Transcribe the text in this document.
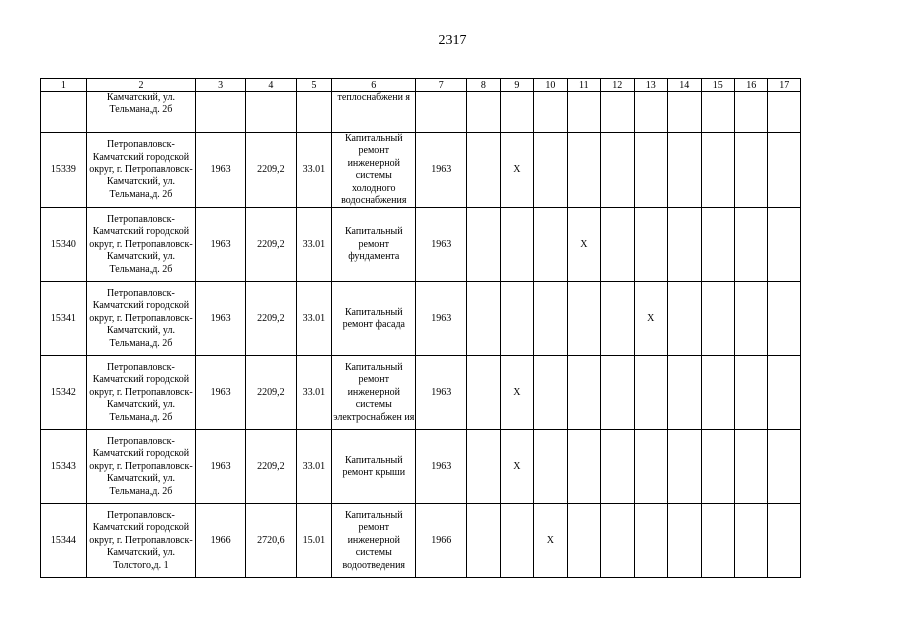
2317
1	2	3	4	5	6	7	8	9	10	11	12	13	14	15	16	17
	Камчатский, ул. Тельмана,д. 2б				теплоснабжени я											
15339	Петропавловск-Камчатский городской округ, г. Петропавловск-Камчатский, ул. Тельмана,д. 2б	1963	2209,2	33.01	Капитальный ремонт инженерной системы холодного водоснабжения	1963		X								
15340	Петропавловск-Камчатский городской округ, г. Петропавловск-Камчатский, ул. Тельмана,д. 2б	1963	2209,2	33.01	Капитальный ремонт фундамента	1963				X						
15341	Петропавловск-Камчатский городской округ, г. Петропавловск-Камчатский, ул. Тельмана,д. 2б	1963	2209,2	33.01	Капитальный ремонт фасада	1963						X				
15342	Петропавловск-Камчатский городской округ, г. Петропавловск-Камчатский, ул. Тельмана,д. 2б	1963	2209,2	33.01	Капитальный ремонт инженерной системы электроснабжен ия	1963		X								
15343	Петропавловск-Камчатский городской округ, г. Петропавловск-Камчатский, ул. Тельмана,д. 2б	1963	2209,2	33.01	Капитальный ремонт крыши	1963		X								
15344	Петропавловск-Камчатский городской округ, г. Петропавловск-Камчатский, ул. Толстого,д. 1	1966	2720,6	15.01	Капитальный ремонт инженерной системы водоотведения	1966			X							
